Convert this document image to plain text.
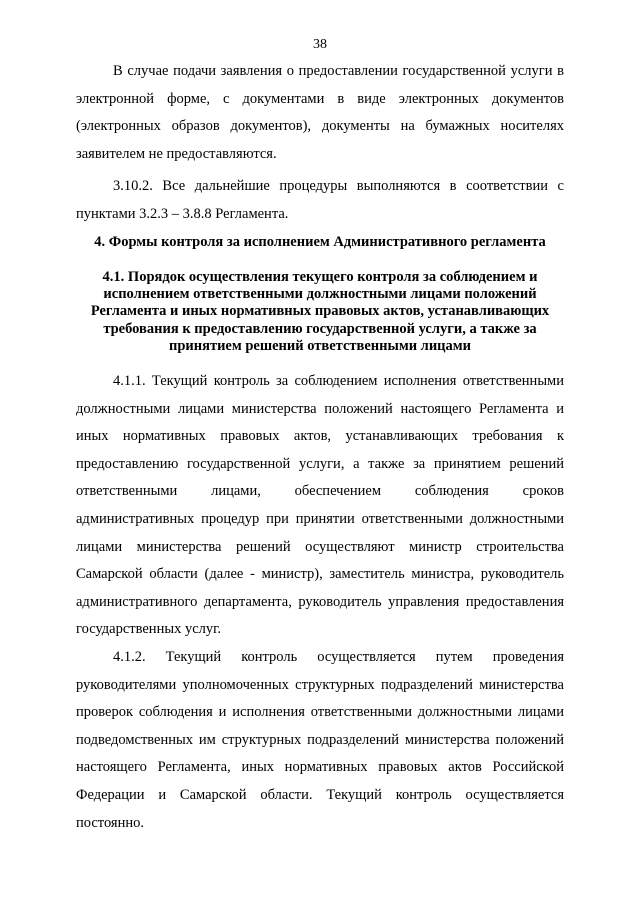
38

В случае подачи заявления о предоставлении государственной услуги в электронной форме, с документами в виде электронных документов (электронных образов документов), документы на бумажных носителях заявителем не предоставляются.

3.10.2. Все дальнейшие процедуры выполняются в соответствии с пунктами 3.2.3 – 3.8.8 Регламента.

4. Формы контроля за исполнением Административного регламента
4.1. Порядок осуществления текущего контроля за соблюдением и исполнением ответственными должностными лицами положений Регламента и иных нормативных правовых актов, устанавливающих требования к предоставлению государственной услуги, а также за принятием решений ответственными лицами

4.1.1. Текущий контроль за соблюдением исполнения ответственными должностными лицами министерства положений настоящего Регламента и иных нормативных правовых актов, устанавливающих требования к предоставлению государственной услуги, а также за принятием решений ответственными лицами, обеспечением соблюдения сроков административных процедур при принятии ответственными должностными лицами министерства решений осуществляют министр строительства Самарской области (далее - министр), заместитель министра, руководитель административного департамента, руководитель управления предоставления государственных услуг.

4.1.2. Текущий контроль осуществляется путем проведения руководителями уполномоченных структурных подразделений министерства проверок соблюдения и исполнения ответственными должностными лицами подведомственных им структурных подразделений министерства положений настоящего Регламента, иных нормативных правовых актов Российской Федерации и Самарской области. Текущий контроль осуществляется постоянно.
